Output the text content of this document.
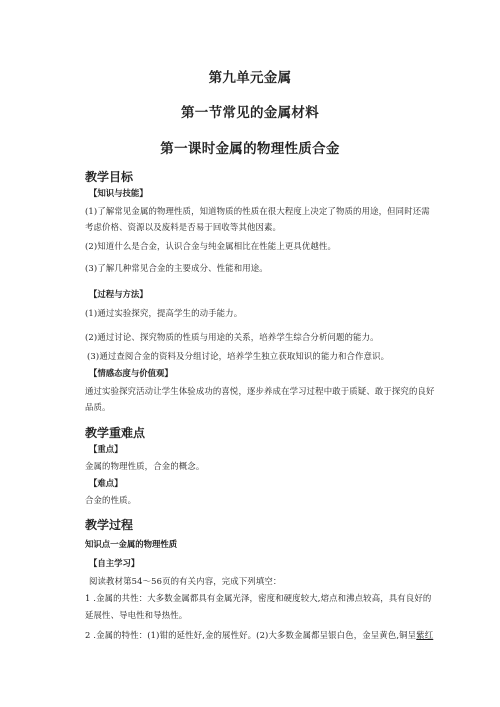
第九单元金属
第一节常见的金属材料
第一课时金属的物理性质合金
教学目标
【知识与技能】
(1)了解常见金属的物理性质，知道物质的性质在很大程度上决定了物质的用途，但同时还需考虑价格、资源以及废料是否易于回收等其他因素。
(2)知道什么是合金，认识合金与纯金属相比在性能上更具优越性。
(3)了解几种常见合金的主要成分、性能和用途。
【过程与方法】
(1)通过实验探究，提高学生的动手能力。
(2)通过讨论、探究物质的性质与用途的关系，培养学生综合分析问题的能力。
(3)通过查阅合金的资料及分组讨论，培养学生独立获取知识的能力和合作意识。
【情感态度与价值观】
通过实验探究活动让学生体验成功的喜悦，逐步养成在学习过程中敢于质疑、敢于探究的良好品质。
教学重难点
【重点】
金属的物理性质，合金的概念。
【难点】
合金的性质。
教学过程
知识点一金属的物理性质
【自主学习】
阅读教材第54～56页的有关内容，完成下列填空：
1 .金属的共性：大多数金属都具有金属光泽，密度和硬度较大,熔点和沸点较高，具有良好的延展性、导电性和导热性。
2 .金属的特性：(1)钳的延性好,金的展性好。(2)大多数金属都呈银白色，金呈黄色,铜呈紫红
